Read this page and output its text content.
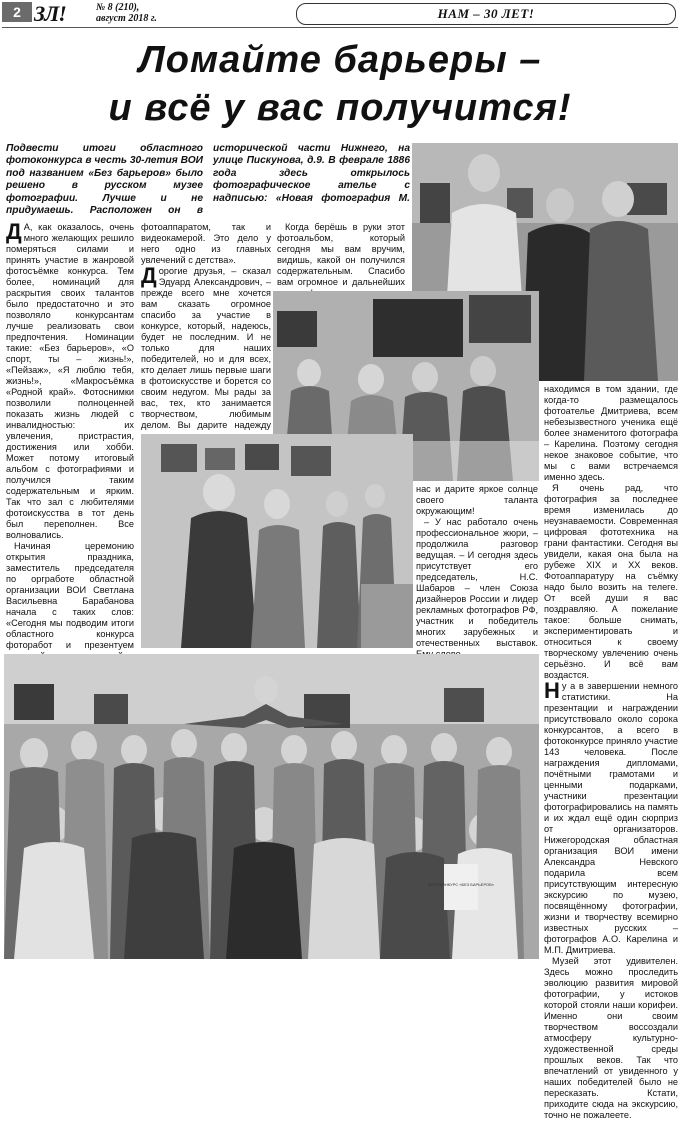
2 ЗЛ!	№ 8 (210),
август 2018 г.	НАМ – 30 ЛЕТ!
Ломайте барьеры –
и всё у вас получится!
Подвести итоги областного фотоконкурса в честь 30-летия ВОИ под названием «Без барьеров» было решено в русском музее фотографии. Лучше и не придумаешь. Расположен он в исторической части Нижнего, на улице Пискунова, д.9. В феврале 1886 года здесь открылось фотографическое ателье с надписью: «Новая фотография М.

Д А, как оказалось, очень много желающих решило померяться силами и принять участие в жанровой фотосъёмке конкурса. Тем более, номинаций для раскрытия своих талантов было предостаточно и это позволяло конкурсантам лучше реализовать свои предпочтения. Номинации такие: «Без барьеров», «О спорт, ты – жизнь!», «Пейзаж», «Я люблю тебя, жизнь!», «Макросъёмка «Родной край». Фотоснимки позволили полноценней показать жизнь людей с инвалидностью: их увлечения, пристрастия, достижения или хобби. Может потому итоговый альбом с фотографиями и получился таким содержательным и ярким. Так что зал с любителями фотоискусства в тот день был переполнен. Все волновались.

Начиная церемонию открытия праздника, заместитель председателя по оргработе областной организации ВОИ Светлана Васильевна Барабанова начала с таких слов: «Сегодня мы подводим итоги областного конкурса фоторабот и презентуем

фотоаппаратом, так и видеокамерой. Это дело у него одно из главных увлечений с детства».

Дорогие друзья, – сказал Эдуард Александрович, – прежде всего мне хочется вам сказать огромное спасибо за участие в конкурсе, который, надеюсь, будет не последним. И не только для наших победителей, но и для всех, кто делает лишь первые шаги в фотоискусстве и борется со своим недугом. Мы рады за вас, тех, кто занимается творчеством, любимым делом. Вы дарите надежду

Когда берёшь в руки этот фотоальбом, который сегодня мы вам вручим, видишь, какой он получился содержательным. Спасибо вам огромное и дальнейших

нас и дарите яркое солнце своего таланта окружающим!

– У нас работало очень профессиональное жюри, – продолжила разговор ведущая. – И сегодня здесь присутствует его председатель, Н.С. Шабаров – член Союза дизайнеров России и лидер рекламных фотографов РФ, участник и победитель многих зарубежных и отечественных выставок.

находимся в том здании, где когда-то размещалось фотоателье Дмитриева, всем небезызвестного ученика ещё более знаменитого фотографа – Карелина. Поэтому сегодня некое знаковое событие, что мы с вами встречаемся именно здесь.

Я очень рад, что фотография за последнее время изменилась до неузнаваемости. Современная цифровая фототехника на грани фантастики. Сегодня вы увидели, какая она была на рубеже XIX и XX веков. Фотоаппаратуру на съёмку надо было возить на телеге. От всей души я вас поздравляю. А пожелание такое: больше снимать, экспериментировать и относиться к своему творческому увлечению очень серьёзно. И всё вам воздастся.

Ну а в завершении немного статистики. На презентации и награждении присутствовало около сорока конкурсантов, а всего в фотоконкурсе приняло участие 143 человека. После награждения дипломами, почётными грамотами и ценными подарками, участники презентации фотографировались на память и их ждал ещё один сюрприз от организаторов. Нижегородская областная организация ВОИ имени Александра Невского подарила всем присутствующим интересную экскурсию по музею, посвящённому фотографии, жизни и творчеству всемирно известных русских – фотографов А.О. Карелина и М.П. Дмитриева.

Музей этот удивителен. Здесь можно проследить эволюцию развития мировой фотографии, у истоков которой стояли наши корифеи. Именно они своим творчеством воссоздали атмосферу культурно-художественной среды прошлых веков. Так что впечатлений от увиденного у наших победителей было не пересказать. Кстати, приходите сюда на экскурсию, точно не пожалеете.

ФОТОКОНКУРС «БЕЗ БАРЬЕРОВ»
